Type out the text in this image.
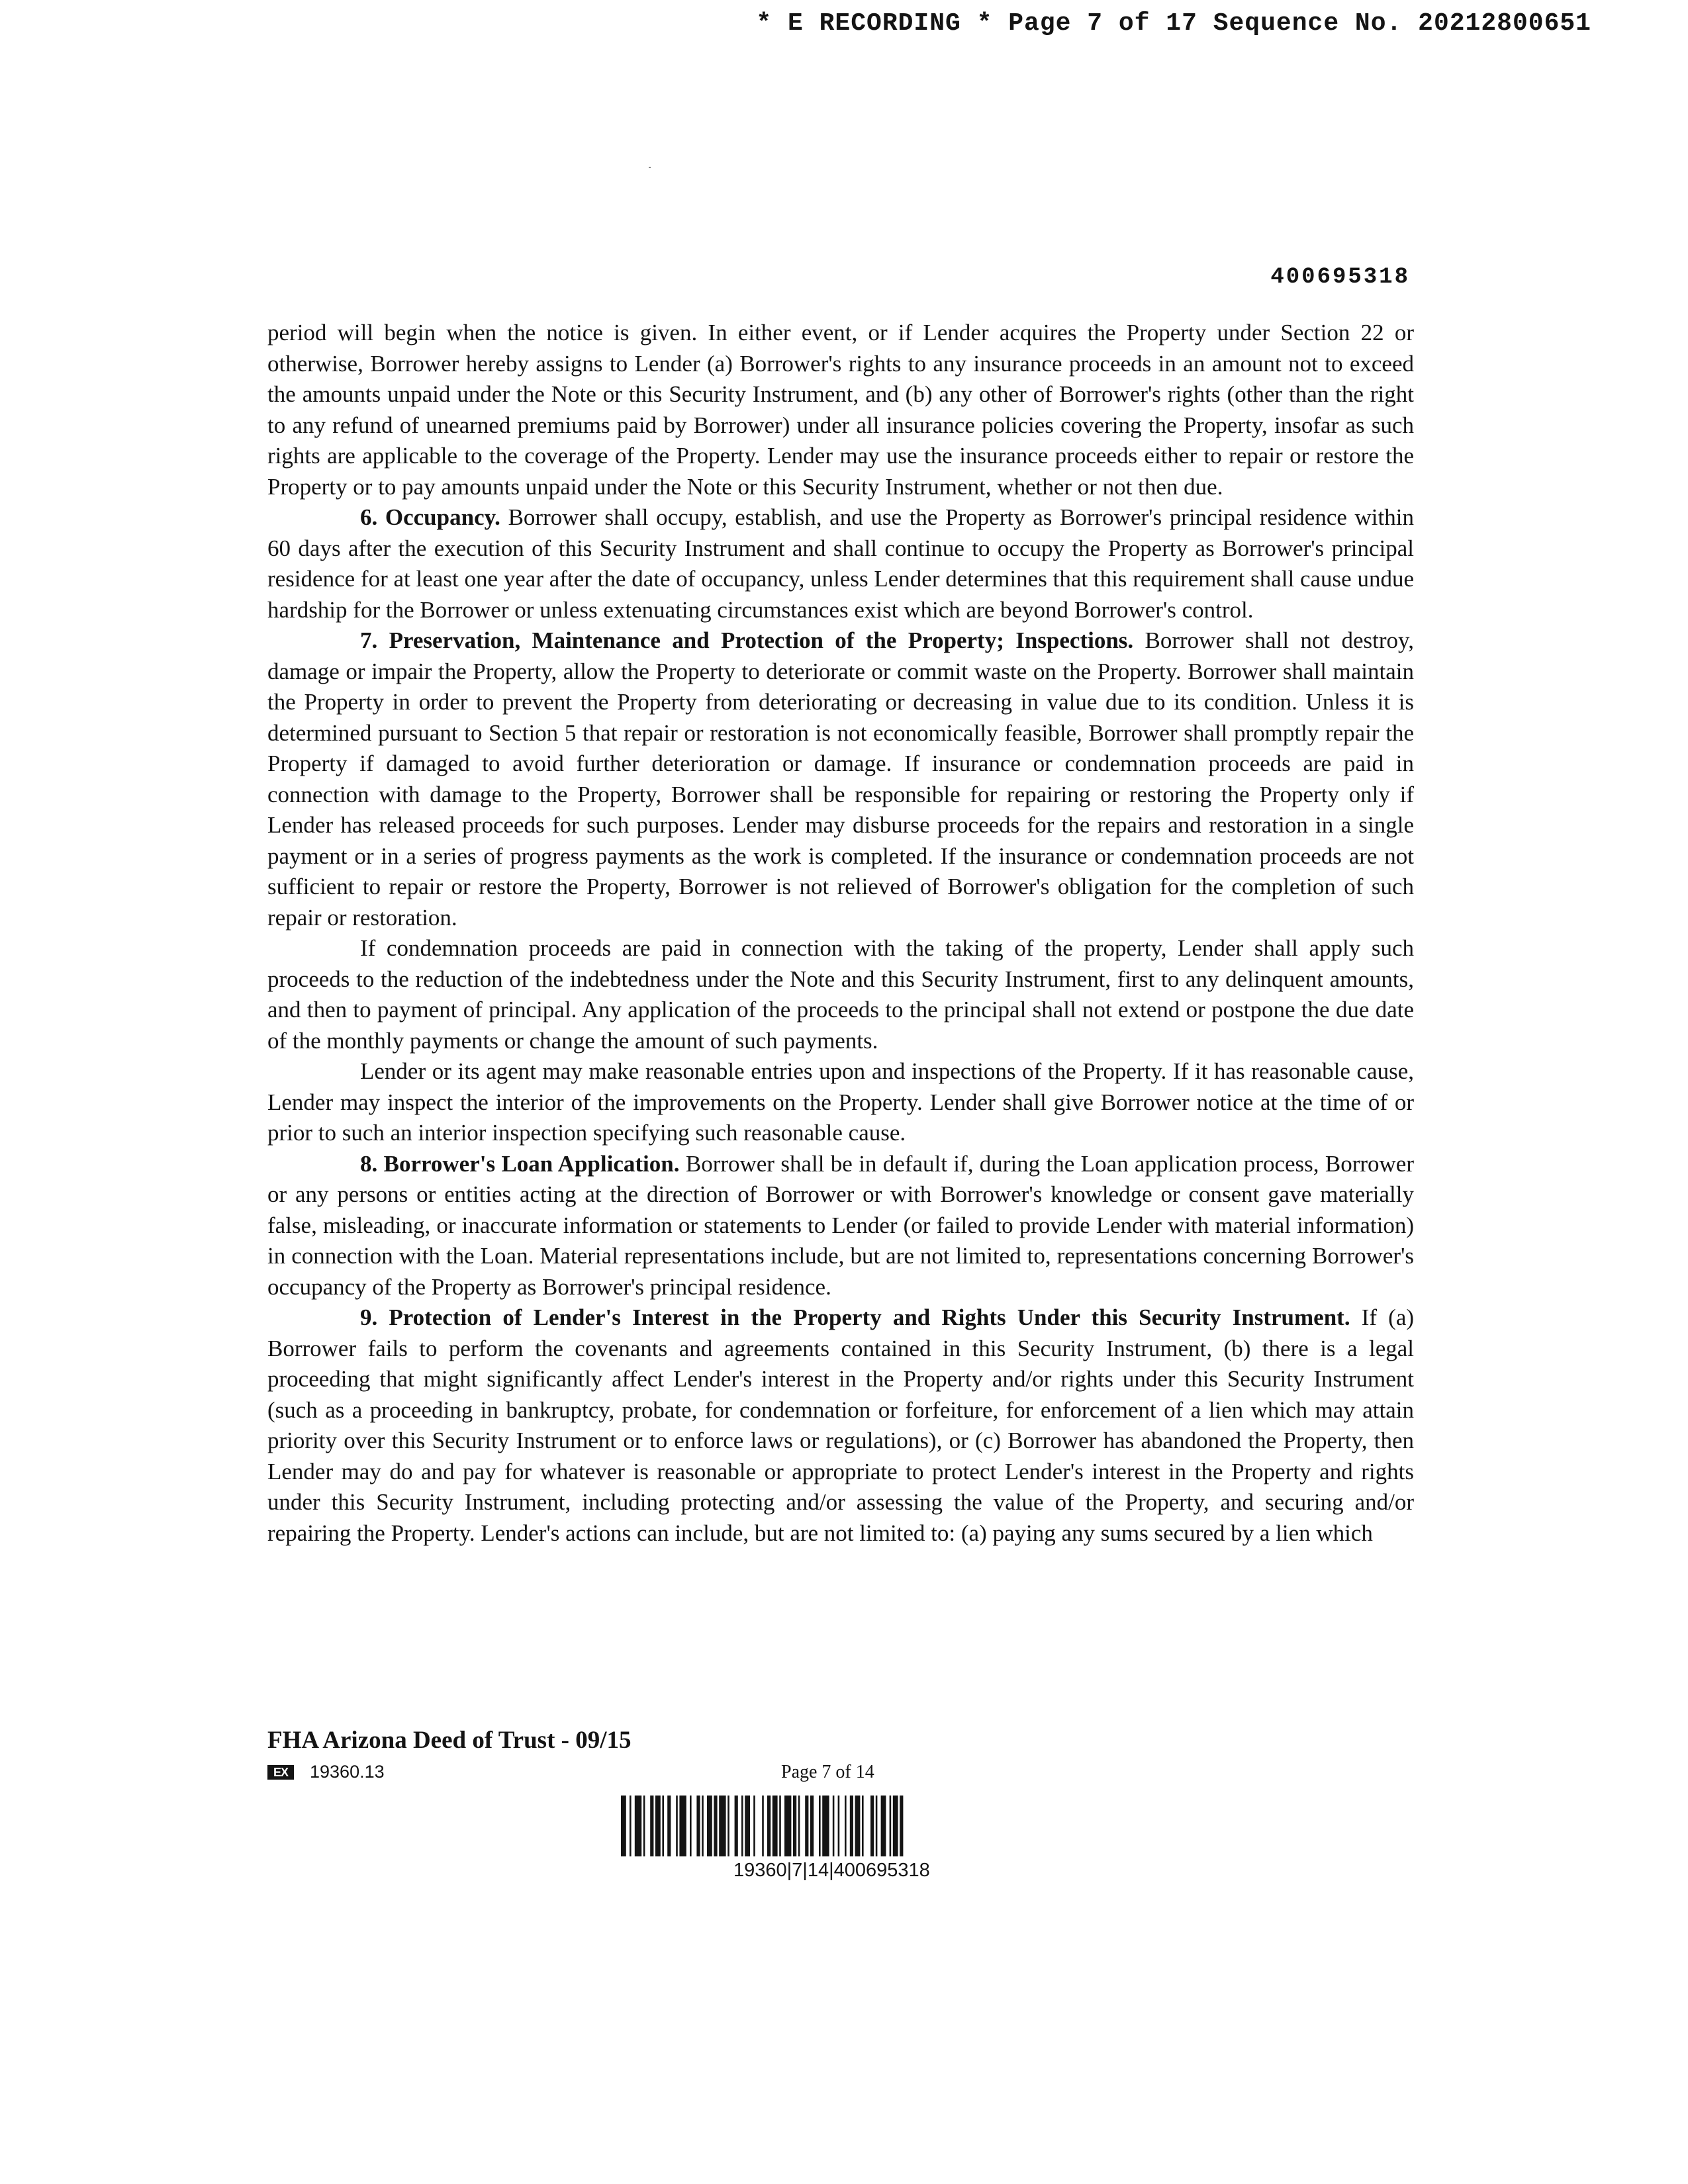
* E RECORDING * Page 7 of 17 Sequence No. 20212800651
400695318

period will begin when the notice is given. In either event, or if Lender acquires the Property under Section 22 or otherwise, Borrower hereby assigns to Lender (a) Borrower's rights to any insurance proceeds in an amount not to exceed the amounts unpaid under the Note or this Security Instrument, and (b) any other of Borrower's rights (other than the right to any refund of unearned premiums paid by Borrower) under all insurance policies covering the Property, insofar as such rights are applicable to the coverage of the Property. Lender may use the insurance proceeds either to repair or restore the Property or to pay amounts unpaid under the Note or this Security Instrument, whether or not then due.

6. Occupancy. Borrower shall occupy, establish, and use the Property as Borrower's principal residence within 60 days after the execution of this Security Instrument and shall continue to occupy the Property as Borrower's principal residence for at least one year after the date of occupancy, unless Lender determines that this requirement shall cause undue hardship for the Borrower or unless extenuating circumstances exist which are beyond Borrower's control.

7. Preservation, Maintenance and Protection of the Property; Inspections. Borrower shall not destroy, damage or impair the Property, allow the Property to deteriorate or commit waste on the Property. Borrower shall maintain the Property in order to prevent the Property from deteriorating or decreasing in value due to its condition. Unless it is determined pursuant to Section 5 that repair or restoration is not economically feasible, Borrower shall promptly repair the Property if damaged to avoid further deterioration or damage. If insurance or condemnation proceeds are paid in connection with damage to the Property, Borrower shall be responsible for repairing or restoring the Property only if Lender has released proceeds for such purposes. Lender may disburse proceeds for the repairs and restoration in a single payment or in a series of progress payments as the work is completed. If the insurance or condemnation proceeds are not sufficient to repair or restore the Property, Borrower is not relieved of Borrower's obligation for the completion of such repair or restoration.

If condemnation proceeds are paid in connection with the taking of the property, Lender shall apply such proceeds to the reduction of the indebtedness under the Note and this Security Instrument, first to any delinquent amounts, and then to payment of principal. Any application of the proceeds to the principal shall not extend or postpone the due date of the monthly payments or change the amount of such payments.

Lender or its agent may make reasonable entries upon and inspections of the Property. If it has reasonable cause, Lender may inspect the interior of the improvements on the Property. Lender shall give Borrower notice at the time of or prior to such an interior inspection specifying such reasonable cause.

8. Borrower's Loan Application. Borrower shall be in default if, during the Loan application process, Borrower or any persons or entities acting at the direction of Borrower or with Borrower's knowledge or consent gave materially false, misleading, or inaccurate information or statements to Lender (or failed to provide Lender with material information) in connection with the Loan. Material representations include, but are not limited to, representations concerning Borrower's occupancy of the Property as Borrower's principal residence.

9. Protection of Lender's Interest in the Property and Rights Under this Security Instrument. If (a) Borrower fails to perform the covenants and agreements contained in this Security Instrument, (b) there is a legal proceeding that might significantly affect Lender's interest in the Property and/or rights under this Security Instrument (such as a proceeding in bankruptcy, probate, for condemnation or forfeiture, for enforcement of a lien which may attain priority over this Security Instrument or to enforce laws or regulations), or (c) Borrower has abandoned the Property, then Lender may do and pay for whatever is reasonable or appropriate to protect Lender's interest in the Property and rights under this Security Instrument, including protecting and/or assessing the value of the Property, and securing and/or repairing the Property. Lender's actions can include, but are not limited to: (a) paying any sums secured by a lien which

FHA Arizona Deed of Trust - 09/15
EX	19360.13	Page 7 of 14
19360|7|14|400695318
